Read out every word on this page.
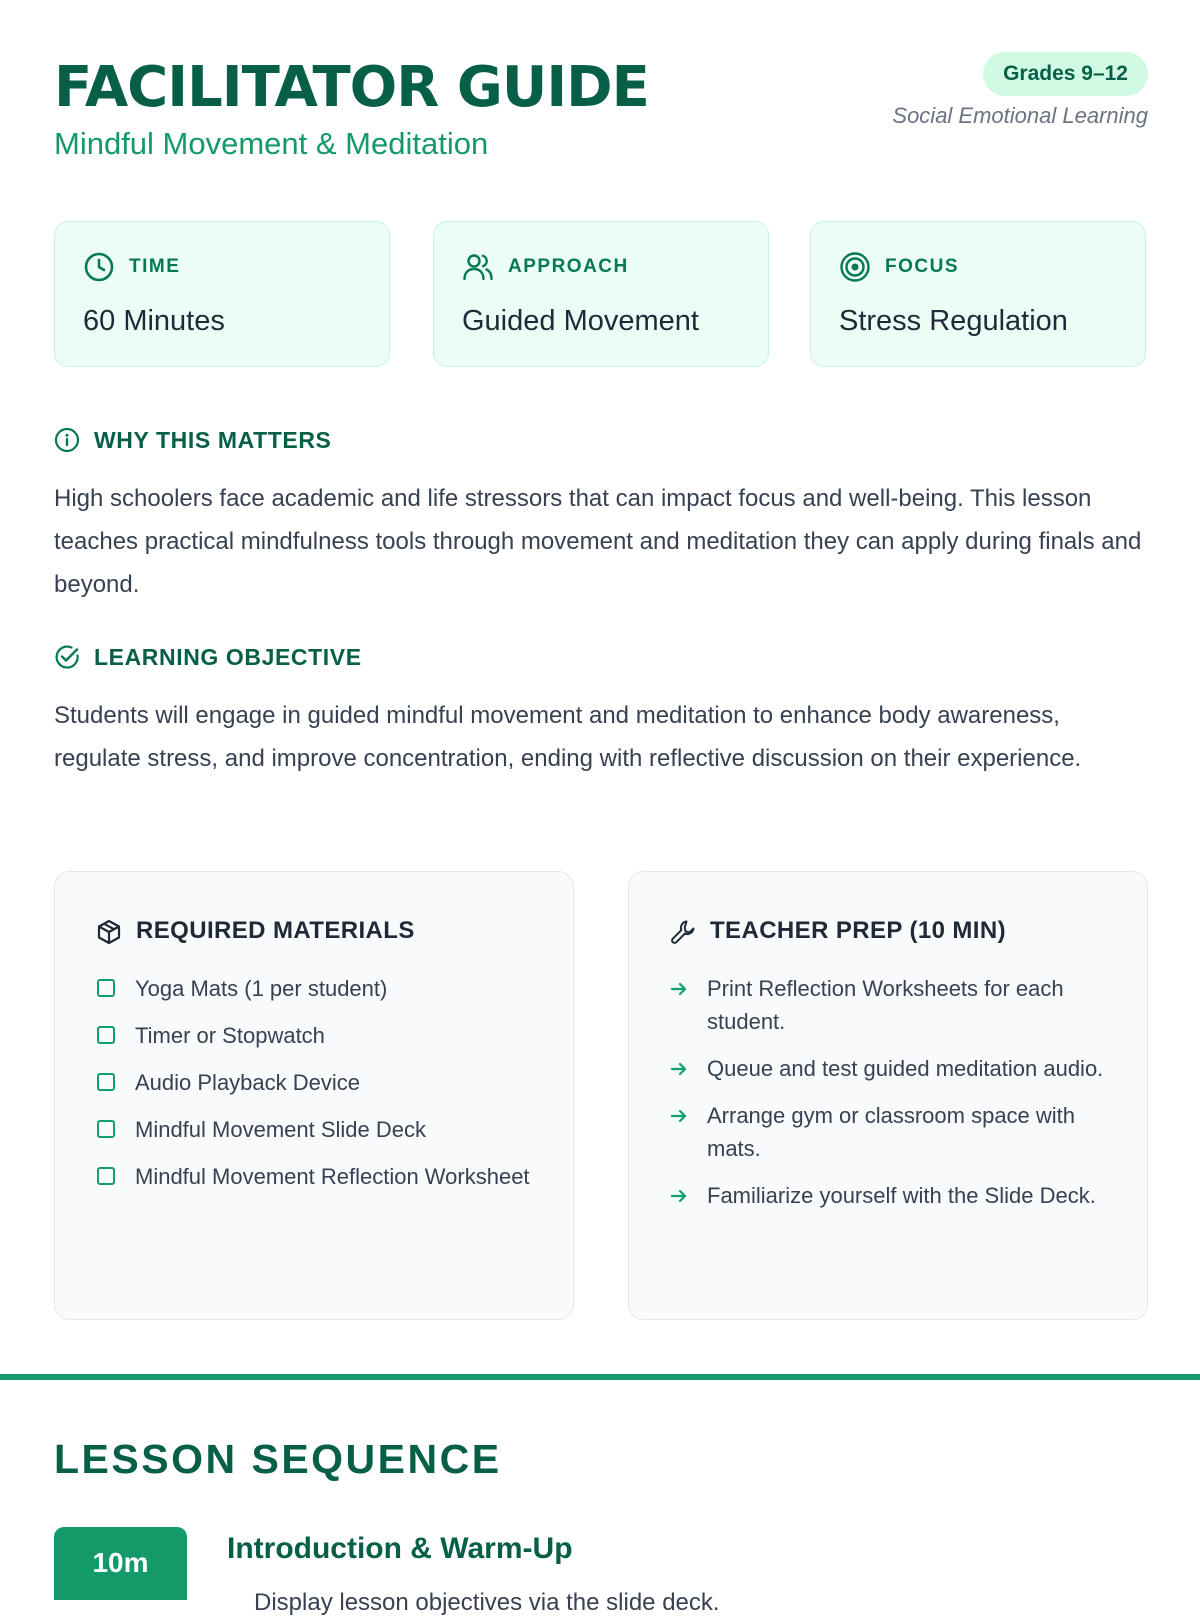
FACILITATOR GUIDE
Mindful Movement & Meditation
Grades 9–12
Social Emotional Learning
TIME
60 Minutes
APPROACH
Guided Movement
FOCUS
Stress Regulation
WHY THIS MATTERS
High schoolers face academic and life stressors that can impact focus and well-being. This lesson teaches practical mindfulness tools through movement and meditation they can apply during finals and beyond.
LEARNING OBJECTIVE
Students will engage in guided mindful movement and meditation to enhance body awareness, regulate stress, and improve concentration, ending with reflective discussion on their experience.
REQUIRED MATERIALS
Yoga Mats (1 per student)
Timer or Stopwatch
Audio Playback Device
Mindful Movement Slide Deck
Mindful Movement Reflection Worksheet
TEACHER PREP (10 MIN)
Print Reflection Worksheets for each student.
Queue and test guided meditation audio.
Arrange gym or classroom space with mats.
Familiarize yourself with the Slide Deck.
LESSON SEQUENCE
10m	Introduction & Warm-Up
Display lesson objectives via the slide deck.
